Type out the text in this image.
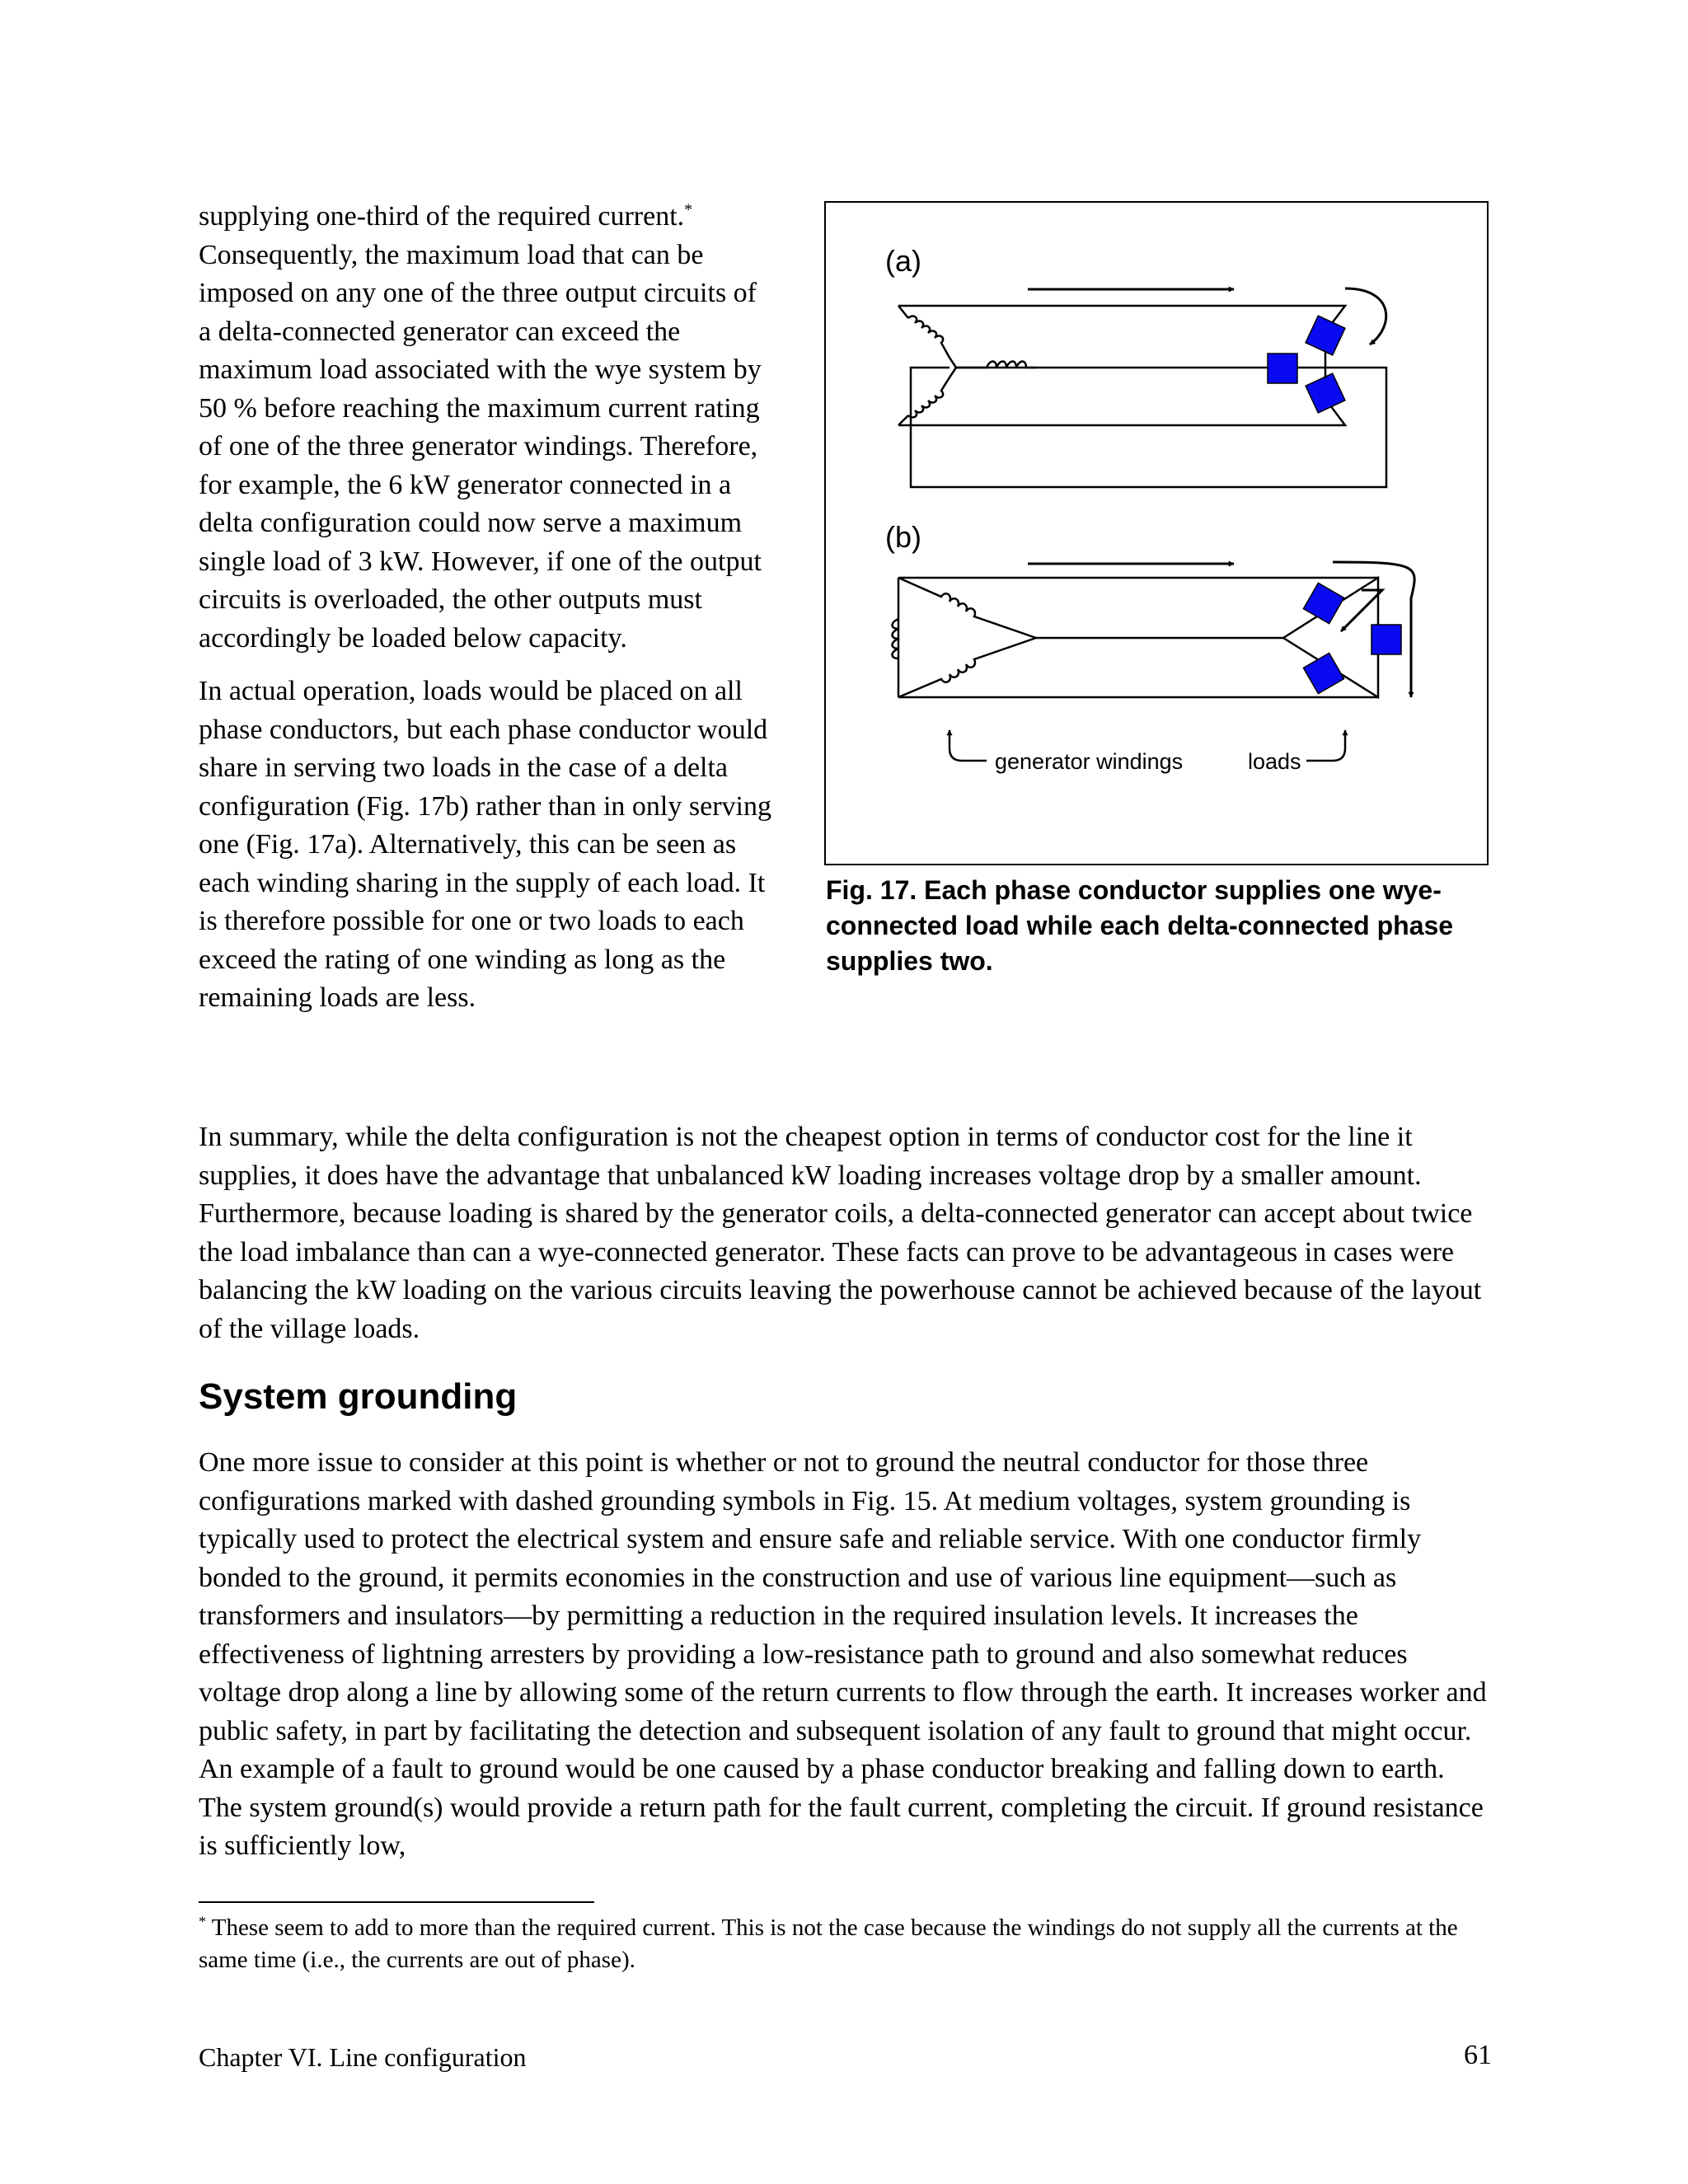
supplying one-third of the required current.* Consequently, the maximum load that can be imposed on any one of the three output circuits of a delta-connected generator can exceed the maximum load associated with the wye system by 50 % before reaching the maximum current rating of one of the three generator windings. Therefore, for example, the 6 kW generator connected in a delta configuration could now serve a maximum single load of 3 kW. However, if one of the output circuits is overloaded, the other outputs must accordingly be loaded below capacity.

In actual operation, loads would be placed on all phase conductors, but each phase conductor would share in serving two loads in the case of a delta configuration (Fig. 17b) rather than in only serving one (Fig. 17a). Alternatively, this can be seen as each winding sharing in the supply of each load. It is therefore possible for one or two loads to each exceed the rating of one winding as long as the remaining loads are less.

(a)
(b)
generator windings	loads
Fig. 17. Each phase conductor supplies one wye-connected load while each delta-connected phase supplies two.

In summary, while the delta configuration is not the cheapest option in terms of conductor cost for the line it supplies, it does have the advantage that unbalanced kW loading increases voltage drop by a smaller amount. Furthermore, because loading is shared by the generator coils, a delta-connected generator can accept about twice the load imbalance than can a wye-connected generator. These facts can prove to be advantageous in cases were balancing the kW loading on the various circuits leaving the powerhouse cannot be achieved because of the layout of the village loads.

System grounding

One more issue to consider at this point is whether or not to ground the neutral conductor for those three configurations marked with dashed grounding symbols in Fig. 15. At medium voltages, system grounding is typically used to protect the electrical system and ensure safe and reliable service. With one conductor firmly bonded to the ground, it permits economies in the construction and use of various line equipment—such as transformers and insulators—by permitting a reduction in the required insulation levels. It increases the effectiveness of lightning arresters by providing a low-resistance path to ground and also somewhat reduces voltage drop along a line by allowing some of the return currents to flow through the earth. It increases worker and public safety, in part by facilitating the detection and subsequent isolation of any fault to ground that might occur. An example of a fault to ground would be one caused by a phase conductor breaking and falling down to earth. The system ground(s) would provide a return path for the fault current, completing the circuit. If ground resistance is sufficiently low,

* These seem to add to more than the required current. This is not the case because the windings do not supply all the currents at the same time (i.e., the currents are out of phase).

Chapter VI. Line configuration	61
